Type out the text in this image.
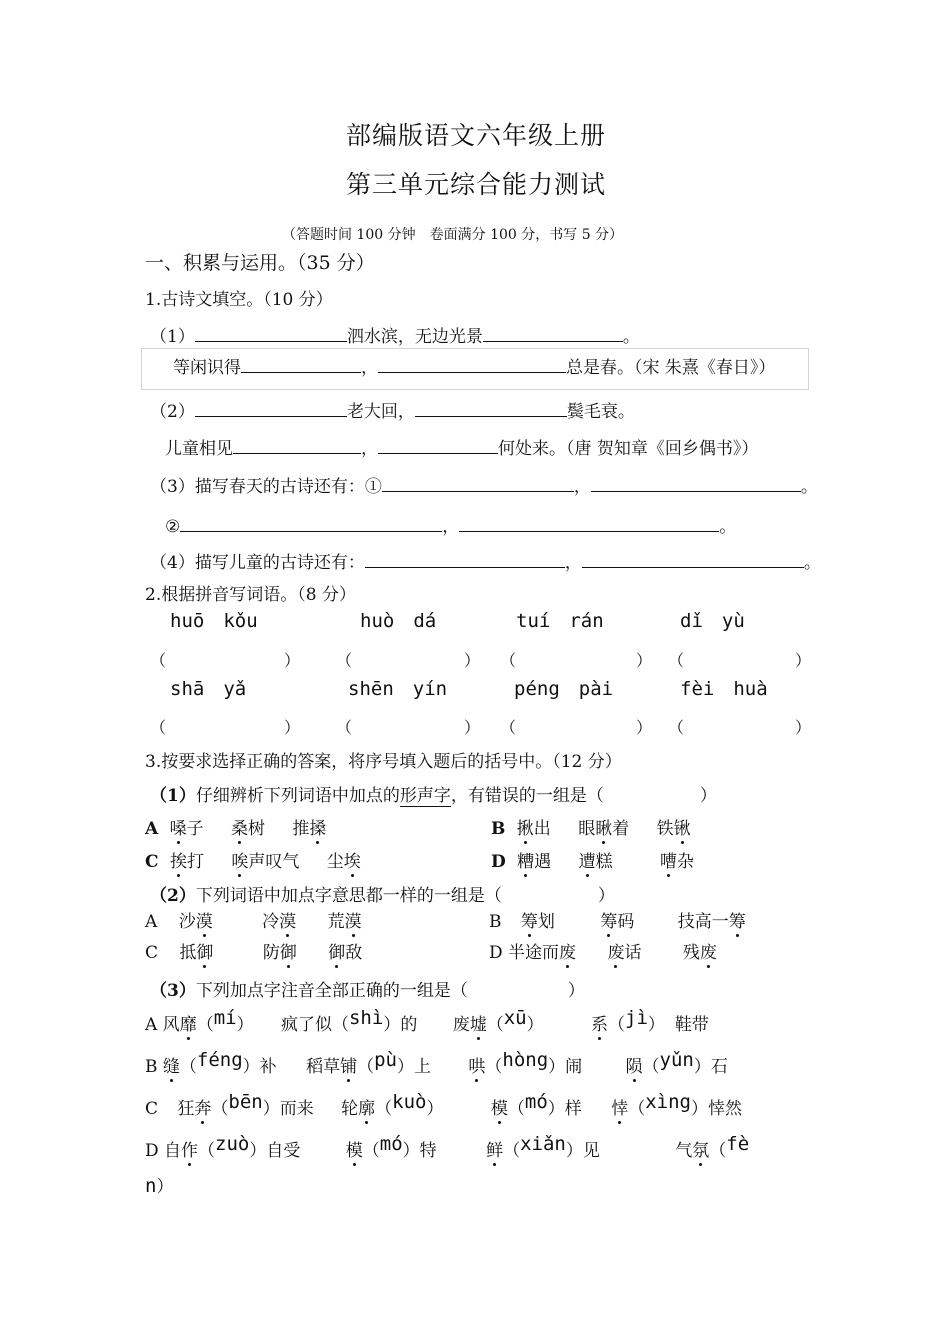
部编版语文六年级上册
第三单元综合能力测试
（答题时间 100 分钟　卷面满分 100 分，书写 5 分）
一、积累与运用。（35 分）
1.古诗文填空。（10 分）
（1）	泗水滨，无边光景	。
等闲识得	，	总是春。（宋 朱熹《春日》）
（2）	老大回，	鬓毛衰。
儿童相见	，	何处来。（唐 贺知章《回乡偶书》）
（3）描写春天的古诗还有：①	，	。
②	，	。
（4）描写儿童的古诗还有：	，	。
2.根据拼音写词语。（8 分）
huō　kǒu	huò　dá	tuí　rán	dǐ　yù
（	） （	） （	） （	）
shā　yǎ	shēn　yín	péng　pài	fèi　huà
（	） （	） （	） （	）
3.按要求选择正确的答案，将序号填入题后的括号中。（12 分）
（1）仔细辨析下列词语中加点的形声字，有错误的一组是（	）
A 嗓子 桑树 推搡	B 揪出 眼瞅着 铁锹
C 挨打 唉声叹气 尘埃	D 糟遇 遭糕	嘈杂
（2）下列词语中加点字意思都一样的一组是（	）
A 沙漠	冷漠 荒漠	B 筹划	筹码	技高一筹
C 抵御	防御 御敌	D 半途而废 废话 残废
（3）下列加点字注音全部正确的一组是（	）
A 风靡（mí） 疯了似（shì）的 废墟（xū）	系（jì） 鞋带
B 缝（féng）补 稻草铺（pù）上 哄（hòng）闹	陨（yǔn）石
C 狂奔（bēn）而来 轮廓（kuò）	模（mó）样 悻（xìng）悻然
D 自作（zuò）自受	模（mó）特	鲜（xiǎn）见	气氛（fè
n）
